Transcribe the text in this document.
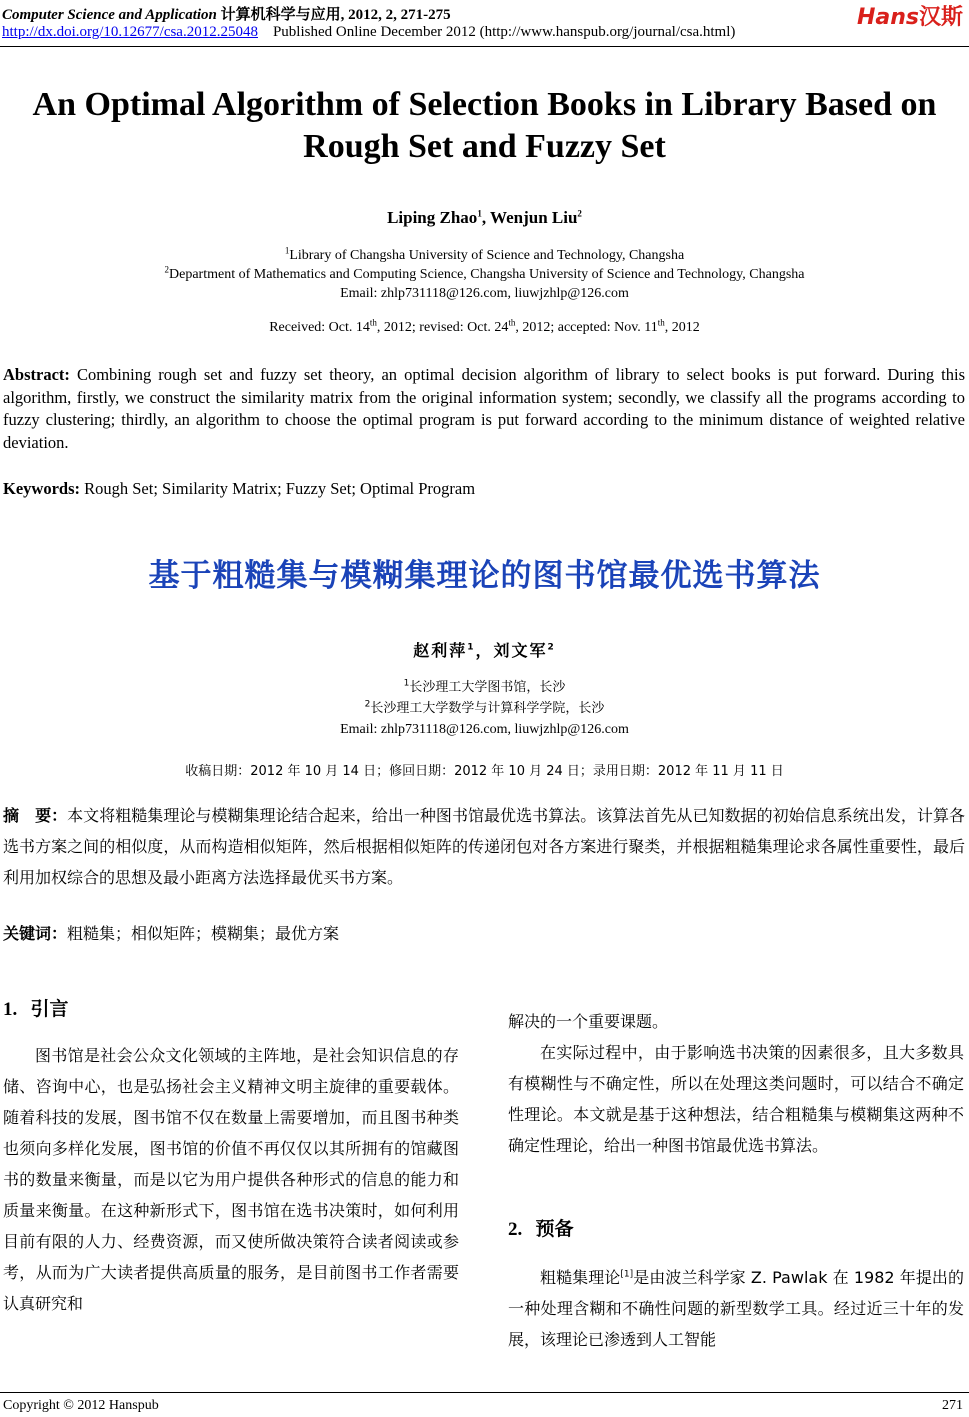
Computer Science and Application 计算机科学与应用, 2012, 2, 271-275
http://dx.doi.org/10.12677/csa.2012.25048 Published Online December 2012 (http://www.hanspub.org/journal/csa.html)
Hans汉斯
An Optimal Algorithm of Selection Books in Library Based on
Rough Set and Fuzzy Set
Liping Zhao$^1$, Wenjun Liu$^2$
$^1$Library of Changsha University of Science and Technology, Changsha
$^2$Department of Mathematics and Computing Science, Changsha University of Science and Technology, Changsha
Email: zhlp731118@126.com, liuwjzhlp@126.com
Received: Oct. 14th, 2012; revised: Oct. 24th, 2012; accepted: Nov. 11th, 2012
Abstract: Combining rough set and fuzzy set theory, an optimal decision algorithm of library to select books is put forward. During this algorithm, firstly, we construct the similarity matrix from the original information system; secondly, we classify all the programs according to fuzzy clustering; thirdly, an algorithm to choose the optimal program is put forward according to the minimum distance of weighted relative deviation.
Keywords: Rough Set; Similarity Matrix; Fuzzy Set; Optimal Program
基于粗糙集与模糊集理论的图书馆最优选书算法
赵利萍$^1$，刘文军$^2$
$^1$长沙理工大学图书馆，长沙
$^2$长沙理工大学数学与计算科学学院，长沙
Email: zhlp731118@126.com, liuwjzhlp@126.com
收稿日期：2012 年 10 月 14 日；修回日期：2012 年 10 月 24 日；录用日期：2012 年 11 月 11 日
摘　要：本文将粗糙集理论与模糊集理论结合起来，给出一种图书馆最优选书算法。该算法首先从已知数据的初始信息系统出发，计算各选书方案之间的相似度，从而构造相似矩阵，然后根据相似矩阵的传递闭包对各方案进行聚类，并根据粗糙集理论求各属性重要性，最后利用加权综合的思想及最小距离方法选择最优买书方案。
关键词：粗糙集；相似矩阵；模糊集；最优方案
1. 引言

图书馆是社会公众文化领域的主阵地，是社会知识信息的存储、咨询中心，也是弘扬社会主义精神文明主旋律的重要载体。随着科技的发展，图书馆不仅在数量上需要增加，而且图书种类也须向多样化发展，图书馆的价值不再仅仅以其所拥有的馆藏图书的数量来衡量，而是以它为用户提供各种形式的信息的能力和质量来衡量。在这种新形式下，图书馆在选书决策时，如何利用目前有限的人力、经费资源，而又使所做决策符合读者阅读或参考，从而为广大读者提供高质量的服务，是目前图书工作者需要认真研究和

解决的一个重要课题。

在实际过程中，由于影响选书决策的因素很多，且大多数具有模糊性与不确定性，所以在处理这类问题时，可以结合不确定性理论。本文就是基于这种想法，结合粗糙集与模糊集这两种不确定性理论，给出一种图书馆最优选书算法。

2. 预备

粗糙集理论[1]是由波兰科学家 Z. Pawlak 在 1982 年提出的一种处理含糊和不确性问题的新型数学工具。经过近三十年的发展，该理论已渗透到人工智能

Copyright © 2012 Hanspub	271
